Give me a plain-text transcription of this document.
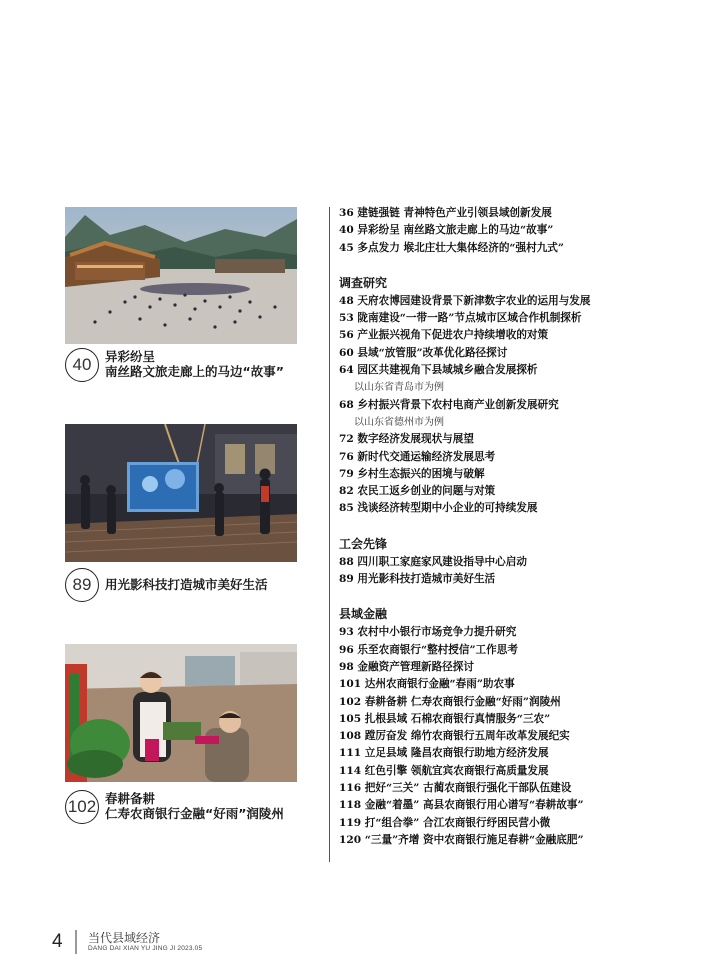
40	异彩纷呈
南丝路文旅走廊上的马边“故事”
89	用光影科技打造城市美好生活
102 春耕备耕
仁寿农商银行金融“好雨”润陵州
36 建链强链 青神特色产业引领县域创新发展
40 异彩纷呈 南丝路文旅走廊上的马边“故事”
45 多点发力 堠北庄壮大集体经济的“强村九式”
调查研究
48 天府农博园建设背景下新津数字农业的运用与发展
53 陇南建设“一带一路”节点城市区域合作机制探析
56 产业振兴视角下促进农户持续增收的对策
60 县域“放管服”改革优化路径探讨
64 园区共建视角下县域城乡融合发展探析
以山东省青岛市为例
68 乡村振兴背景下农村电商产业创新发展研究
以山东省德州市为例
72 数字经济发展现状与展望
76 新时代交通运输经济发展思考
79 乡村生态振兴的困境与破解
82 农民工返乡创业的问题与对策
85 浅谈经济转型期中小企业的可持续发展
工会先锋
88 四川职工家庭家风建设指导中心启动
89 用光影科技打造城市美好生活
县域金融
93 农村中小银行市场竞争力提升研究
96 乐至农商银行“整村授信”工作思考
98 金融资产管理新路径探讨
101 达州农商银行金融“春雨”助农事
102 春耕备耕 仁寿农商银行金融“好雨”润陵州
105 扎根县域 石棉农商银行真情服务“三农”
108 蹚厉奋发 绵竹农商银行五周年改革发展纪实
111 立足县域 隆昌农商银行助地方经济发展
114 红色引擎 领航宜宾农商银行高质量发展
116 把好“三关” 古蔺农商银行强化干部队伍建设
118 金融“着墨” 高县农商银行用心谱写“春耕故事”
119 打“组合拳” 合江农商银行纾困民营小微
120 “三量”齐增 资中农商银行施足春耕“金融底肥”
4 当代县域经济
DANG DAI XIAN YU JING JI 2023.05
